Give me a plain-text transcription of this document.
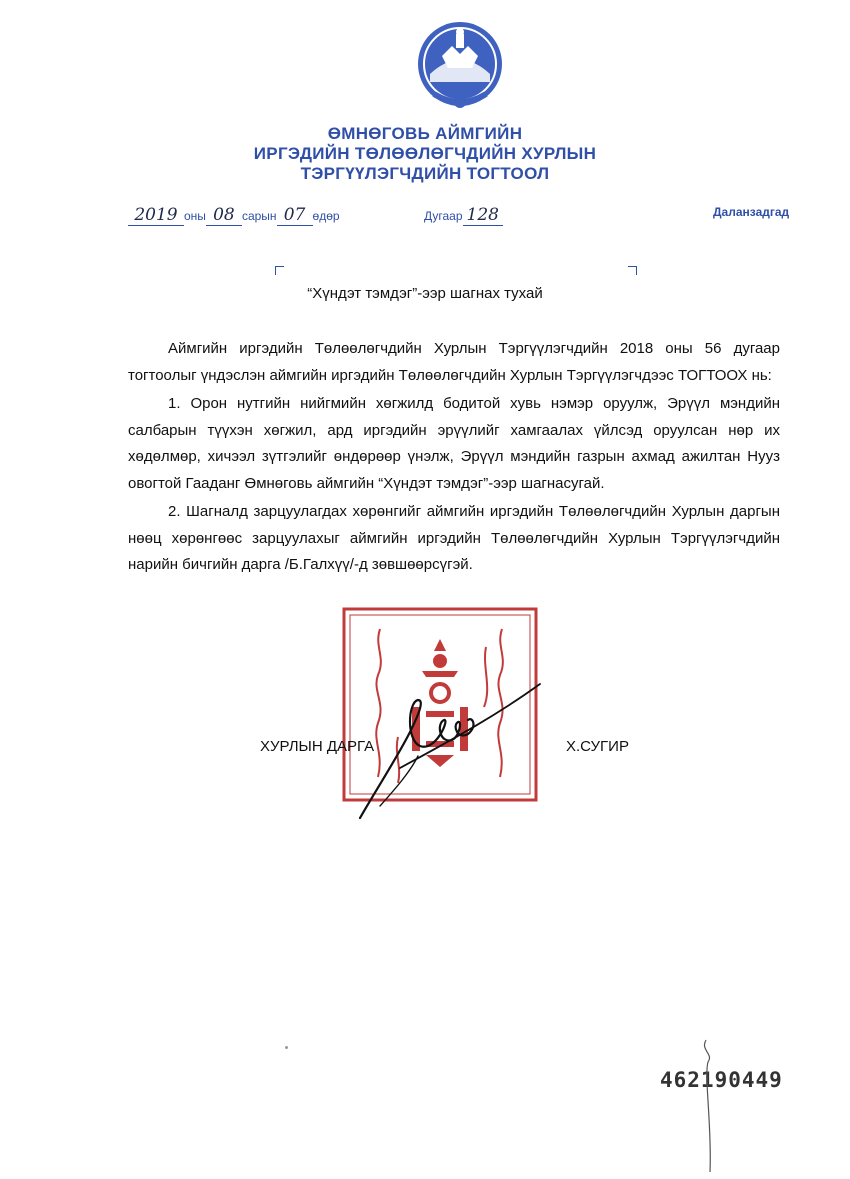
ӨМНӨГОВЬ АЙМГИЙН
ИРГЭДИЙН ТӨЛӨӨЛӨГЧДИЙН ХУРЛЫН
ТЭРГҮҮЛЭГЧДИЙН ТОГТООЛ
2019 оны 08 сарын 07 өдөр	Дугаар 128	Даланзадгад
“Хүндэт тэмдэг”-ээр шагнах тухай

Аймгийн иргэдийн Төлөөлөгчдийн Хурлын Тэргүүлэгчдийн 2018 оны 56 дугаар тогтоолыг үндэслэн аймгийн иргэдийн Төлөөлөгчдийн Хурлын Тэргүүлэгчдээс ТОГТООХ нь:

1. Орон нутгийн нийгмийн хөгжилд бодитой хувь нэмэр оруулж, Эрүүл мэндийн салбарын түүхэн хөгжил, ард иргэдийн эрүүлийг хамгаалах үйлсэд оруулсан нөр их хөдөлмөр, хичээл зүтгэлийг өндөрөөр үнэлж, Эрүүл мэндийн газрын ахмад ажилтан Нууз овогтой Гааданг Өмнөговь аймгийн “Хүндэт тэмдэг”-ээр шагнасугай.

2. Шагналд зарцуулагдах хөрөнгийг аймгийн иргэдийн Төлөөлөгчдийн Хурлын даргын нөөц хөрөнгөөс зарцуулахыг аймгийн иргэдийн Төлөөлөгчдийн Хурлын Тэргүүлэгчдийн нарийн бичгийн дарга /Б.Галхүү/-д зөвшөөрсүгэй.

ХУРЛЫН ДАРГА	Х.СУГИР
462190449
